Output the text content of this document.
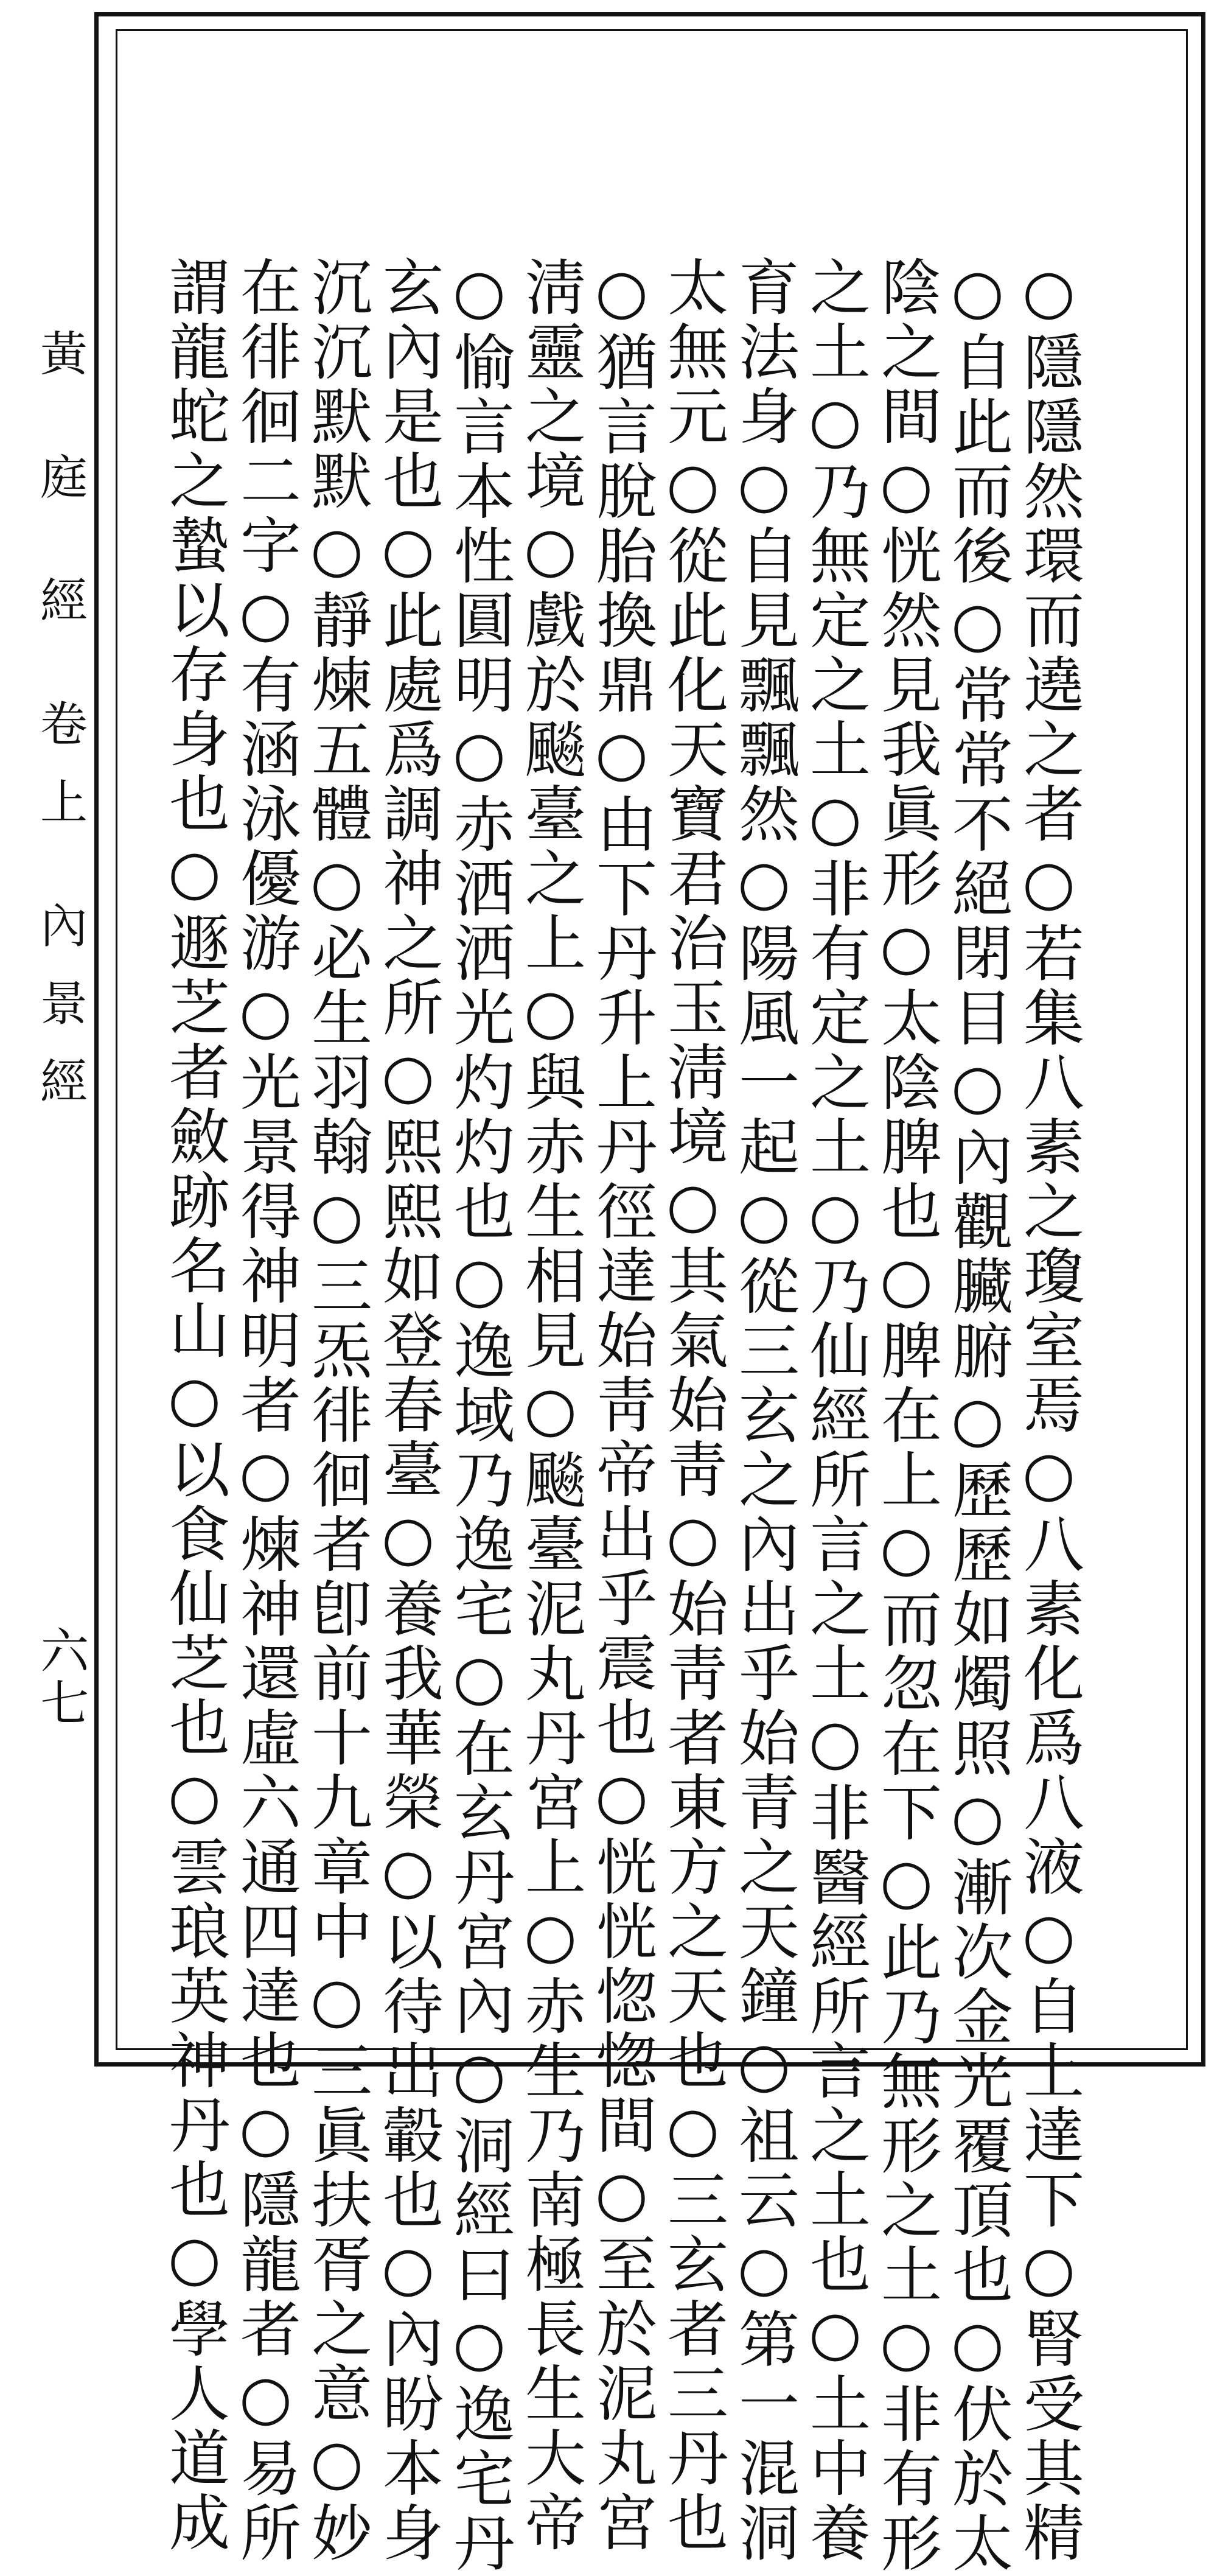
黃 庭 經 卷上 內景經
六七	○隱隱然環而遶之者○若集八素之瓊室焉○八素化爲八液○自上達下○腎受其精
○自此而後○常常不絕閉目○內觀臟腑○歷歷如燭照○漸次金光覆頂也○伏於太
陰之間○恍然見我眞形○太陰脾也○脾在上○而忽在下○此乃無形之土○非有形
之土○乃無定之土○非有定之土○乃仙經所言之土○非醫經所言之土也○土中養
育法身○自見飄飄然○陽風一起○從三玄之內出乎始青之天鐘○祖云○第一混洞
太無元○從此化天寶君治玉淸境○其氣始靑○始靑者東方之天也○三玄者三丹也
○猶言脫胎換鼎○由下丹升上丹徑達始靑帝出乎震也○恍恍惚惚間○至於泥丸宮
淸靈之境○戲於飈臺之上○與赤生相見○飈臺泥丸丹宮上○赤生乃南極長生大帝
○愉言本性圓明○赤洒洒光灼灼也○逸域乃逸宅○在玄丹宮內○洞經曰○逸宅丹
玄內是也○此處爲調神之所○熙熙如登春臺○養我華榮○以待出轂也○內盼本身
沉沉默默○靜煉五體○必生羽翰○三炁徘徊者卽前十九章中○三眞扶胥之意○妙
在徘徊二字○有涵泳優游○光景得神明者○煉神還虛六通四達也○隱龍者○易所
謂龍蛇之蟄以存身也○遯芝者斂跡名山○以食仙芝也○雲琅英神丹也○學人道成
